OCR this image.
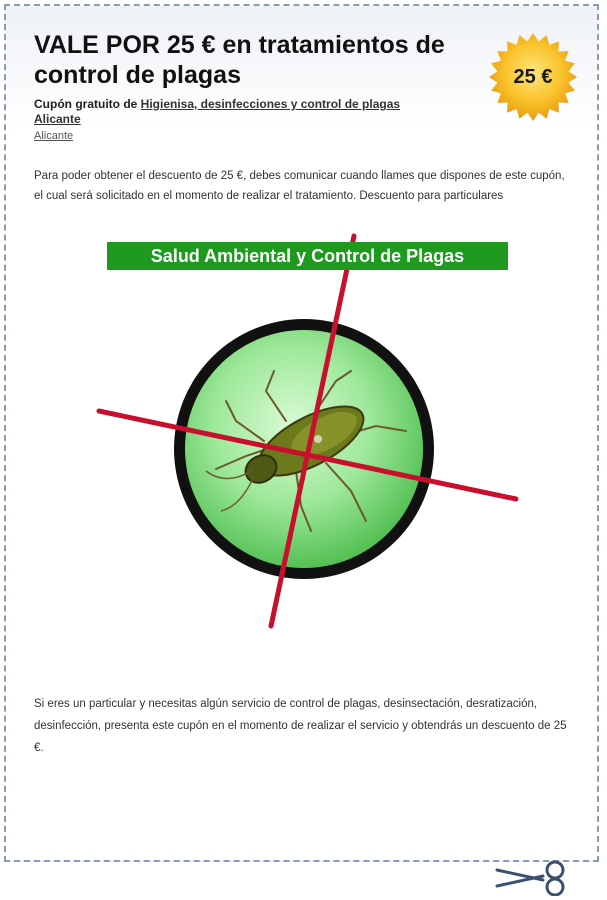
VALE POR 25 € en tratamientos de control de plagas	25 €
Cupón gratuito de Higienisa, desinfecciones y control de plagas
Alicante
Alicante

Para poder obtener el descuento de 25 €, debes comunicar cuando llames que dispones de este cupón, el cual será solicitado en el momento de realizar el tratamiento. Descuento para particulares

Salud Ambiental y Control de Plagas

Si eres un particular y necesitas algún servicio de control de plagas, desinsectación, desratización, desinfección, presenta este cupón en el momento de realizar el servicio y obtendrás un descuento de 25 €.
